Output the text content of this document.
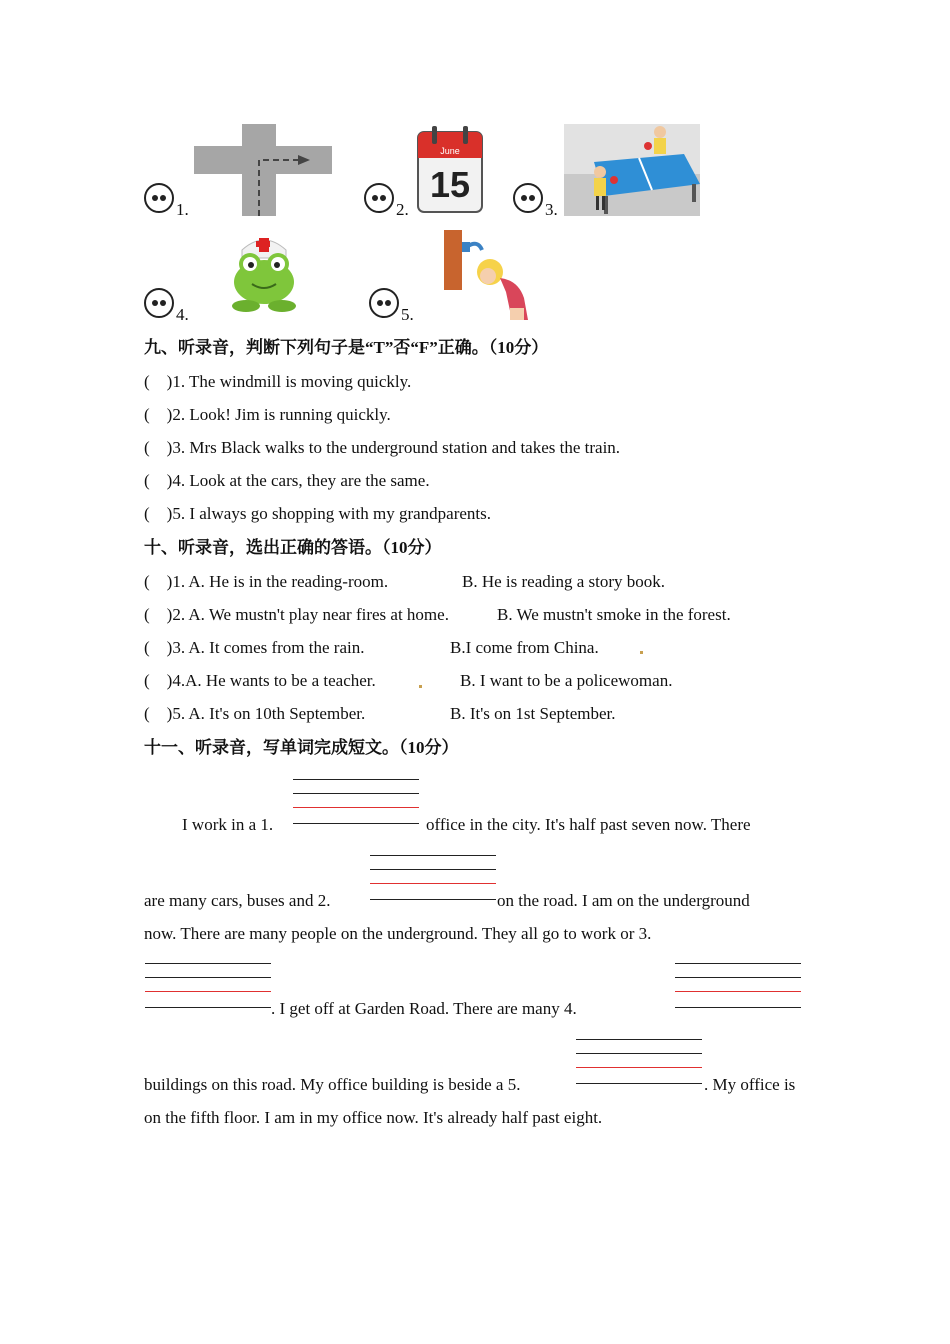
1.	2.
June
15
3.
4.	5.
九、听录音，判断下列句子是“T”否“F”正确。（10分）
(　)1. The windmill is moving quickly.
(　)2. Look! Jim is running quickly.
(　)3. Mrs Black walks to the underground station and takes the train.
(　)4. Look at the cars, they are the same.
(　)5. I always go shopping with my grandparents.
十、听录音，选出正确的答语。（10分）
(　)1. A. He is in the reading-room.	B. He is reading a story book.
(　)2. A. We mustn't play near fires at home.	B. We mustn't smoke in the forest.
(　)3. A. It comes from the rain.	B.I come from China.
(　)4.A. He wants to be a teacher.	B. I want to be a policewoman.
(　)5. A. It's on 10th September.	B. It's on 1st September.
十一、听录音，写单词完成短文。（10分）
I work in a 1.	office in the city. It's half past seven now. There
are many cars, buses and 2.	on the road. I am on the underground
now. There are many people on the underground. They all go to work or 3.
. I get off at Garden Road. There are many 4.
buildings on this road. My office building is beside a 5.	. My office is
on the fifth floor. I am in my office now. It's already half past eight.
